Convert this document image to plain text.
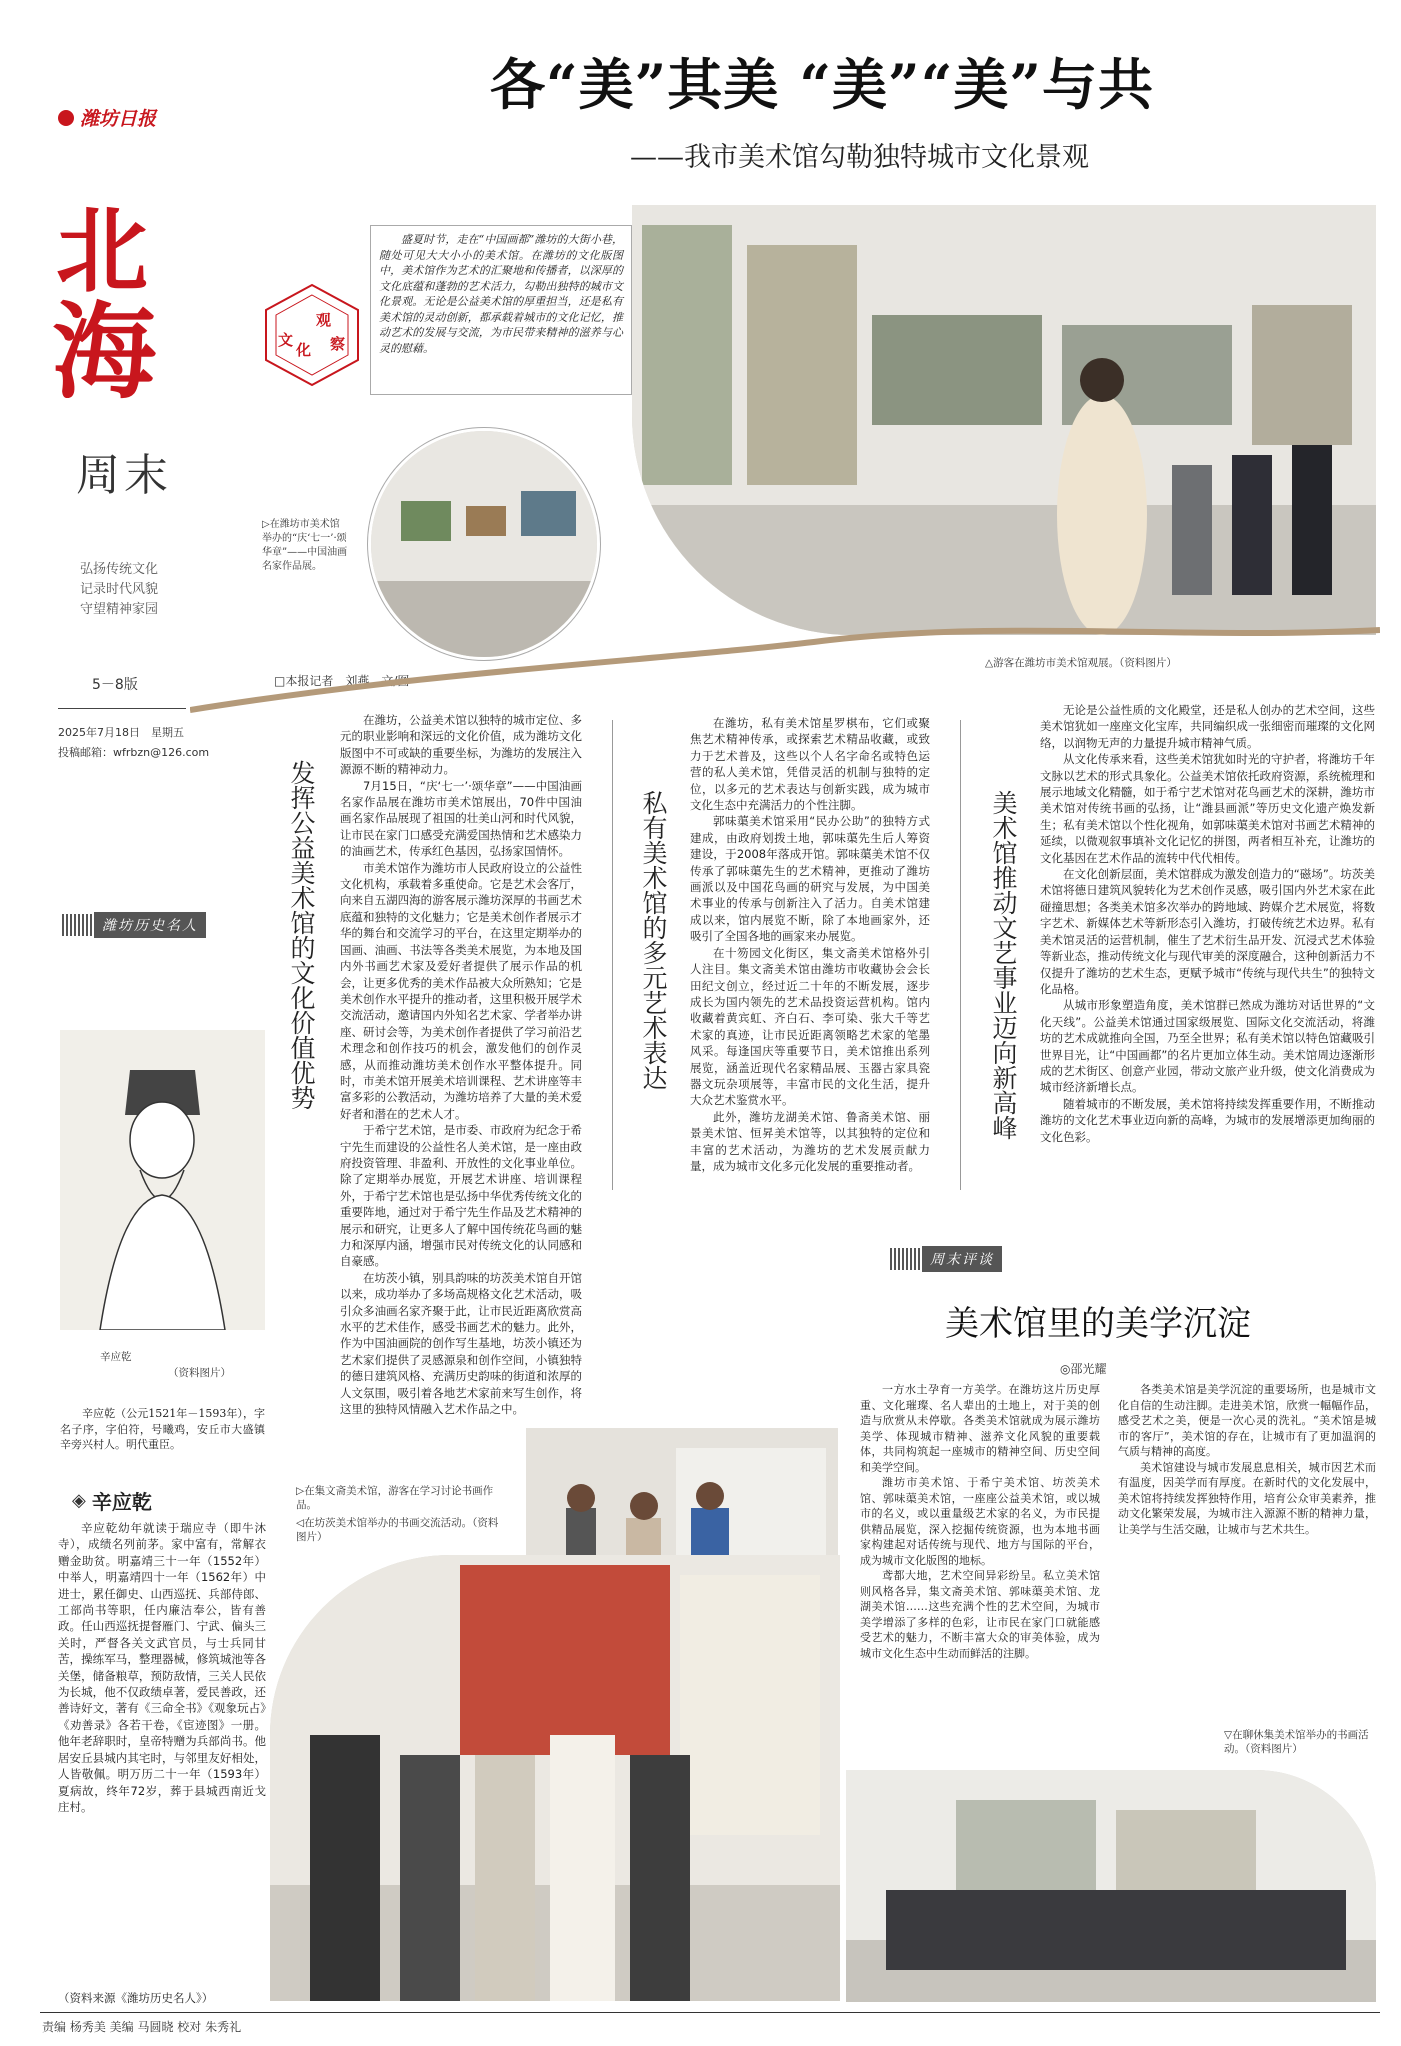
潍坊日报
北
海
周末
弘扬传统文化
记录时代风貌
守望精神家园
5－8版
2025年7月18日　星期五
投稿邮箱：wfrbzn@126.com
各“美”其美 “美”“美”与共
——我市美术馆勾勒独特城市文化景观
△游客在潍坊市美术馆观展。（资料图片）
盛夏时节，走在“中国画都”潍坊的大街小巷，随处可见大大小小的美术馆。在潍坊的文化版图中，美术馆作为艺术的汇聚地和传播者，以深厚的文化底蕴和蓬勃的艺术活力，勾勒出独特的城市文化景观。无论是公益美术馆的厚重担当，还是私有美术馆的灵动创新，都承载着城市的文化记忆，推动艺术的发展与交流，为市民带来精神的滋养与心灵的慰藉。
文
化
观
察
▷在潍坊市美术馆举办的“庆‘七一’·颂华章”——中国油画名家作品展。
□本报记者　刘燕　文/图
发挥公益美术馆的文化价值优势

在潍坊，公益美术馆以独特的城市定位、多元的职业影响和深远的文化价值，成为潍坊文化版图中不可或缺的重要坐标，为潍坊的发展注入源源不断的精神动力。

7月15日，“庆‘七一’·颂华章”——中国油画名家作品展在潍坊市美术馆展出，70件中国油画名家作品展现了祖国的壮美山河和时代风貌，让市民在家门口感受充满爱国热情和艺术感染力的油画艺术，传承红色基因，弘扬家国情怀。

市美术馆作为潍坊市人民政府设立的公益性文化机构，承载着多重使命。它是艺术会客厅，向来自五湖四海的游客展示潍坊深厚的书画艺术底蕴和独特的文化魅力；它是美术创作者展示才华的舞台和交流学习的平台，在这里定期举办的国画、油画、书法等各类美术展览，为本地及国内外书画艺术家及爱好者提供了展示作品的机会，让更多优秀的美术作品被大众所熟知；它是美术创作水平提升的推动者，这里积极开展学术交流活动，邀请国内外知名艺术家、学者举办讲座、研讨会等，为美术创作者提供了学习前沿艺术理念和创作技巧的机会，激发他们的创作灵感，从而推动潍坊美术创作水平整体提升。同时，市美术馆开展美术培训课程、艺术讲座等丰富多彩的公教活动，为潍坊培养了大量的美术爱好者和潜在的艺术人才。

于希宁艺术馆，是市委、市政府为纪念于希宁先生而建设的公益性名人美术馆，是一座由政府投资管理、非盈利、开放性的文化事业单位。除了定期举办展览，开展艺术讲座、培训课程外，于希宁艺术馆也是弘扬中华优秀传统文化的重要阵地，通过对于希宁先生作品及艺术精神的展示和研究，让更多人了解中国传统花鸟画的魅力和深厚内涵，增强市民对传统文化的认同感和自豪感。

在坊茨小镇，别具韵味的坊茨美术馆自开馆以来，成功举办了多场高规格文化艺术活动，吸引众多油画名家齐聚于此，让市民近距离欣赏高水平的艺术佳作，感受书画艺术的魅力。此外，作为中国油画院的创作写生基地，坊茨小镇还为艺术家们提供了灵感源泉和创作空间，小镇独特的德日建筑风格、充满历史韵味的街道和浓厚的人文氛围，吸引着各地艺术家前来写生创作，将这里的独特风情融入艺术作品之中。

私有美术馆的多元艺术表达

在潍坊，私有美术馆星罗棋布，它们或聚焦艺术精神传承，或探索艺术精品收藏，或致力于艺术普及，这些以个人名字命名或特色运营的私人美术馆，凭借灵活的机制与独特的定位，以多元的艺术表达与创新实践，成为城市文化生态中充满活力的个性注脚。

郭味蕖美术馆采用“民办公助”的独特方式建成，由政府划拨土地，郭味蕖先生后人筹资建设，于2008年落成开馆。郭味蕖美术馆不仅传承了郭味蕖先生的艺术精神，更推动了潍坊画派以及中国花鸟画的研究与发展，为中国美术事业的传承与创新注入了活力。自美术馆建成以来，馆内展览不断，除了本地画家外，还吸引了全国各地的画家来办展览。

在十笏园文化街区，集文斋美术馆格外引人注目。集文斋美术馆由潍坊市收藏协会会长田纪文创立，经过近二十年的不断发展，逐步成长为国内领先的艺术品投资运营机构。馆内收藏着黄宾虹、齐白石、李可染、张大千等艺术家的真迹，让市民近距离领略艺术家的笔墨风采。每逢国庆等重要节日，美术馆推出系列展览，涵盖近现代名家精品展、玉器古家具瓷器文玩杂项展等，丰富市民的文化生活，提升大众艺术鉴赏水平。

此外，潍坊龙湖美术馆、鲁斋美术馆、丽景美术馆、恒昇美术馆等，以其独特的定位和丰富的艺术活动，为潍坊的艺术发展贡献力量，成为城市文化多元化发展的重要推动者。

美术馆推动文艺事业迈向新高峰

无论是公益性质的文化殿堂，还是私人创办的艺术空间，这些美术馆犹如一座座文化宝库，共同编织成一张细密而璀璨的文化网络，以润物无声的力量提升城市精神气质。

从文化传承来看，这些美术馆犹如时光的守护者，将潍坊千年文脉以艺术的形式具象化。公益美术馆依托政府资源，系统梳理和展示地域文化精髓，如于希宁艺术馆对花鸟画艺术的深耕，潍坊市美术馆对传统书画的弘扬，让“潍县画派”等历史文化遗产焕发新生；私有美术馆以个性化视角，如郭味蕖美术馆对书画艺术精神的延续，以微观叙事填补文化记忆的拼图，两者相互补充，让潍坊的文化基因在艺术作品的流转中代代相传。

在文化创新层面，美术馆群成为激发创造力的“磁场”。坊茨美术馆将德日建筑风貌转化为艺术创作灵感，吸引国内外艺术家在此碰撞思想；各类美术馆多次举办的跨地域、跨媒介艺术展览，将数字艺术、新媒体艺术等新形态引入潍坊，打破传统艺术边界。私有美术馆灵活的运营机制，催生了艺术衍生品开发、沉浸式艺术体验等新业态，推动传统文化与现代审美的深度融合，这种创新活力不仅提升了潍坊的艺术生态，更赋予城市“传统与现代共生”的独特文化品格。

从城市形象塑造角度，美术馆群已然成为潍坊对话世界的“文化天线”。公益美术馆通过国家级展览、国际文化交流活动，将潍坊的艺术成就推向全国，乃至全世界；私有美术馆以特色馆藏吸引世界目光，让“中国画都”的名片更加立体生动。美术馆周边逐渐形成的艺术街区、创意产业园，带动文旅产业升级，使文化消费成为城市经济新增长点。

随着城市的不断发展，美术馆将持续发挥重要作用，不断推动潍坊的文化艺术事业迈向新的高峰，为城市的发展增添更加绚丽的文化色彩。

潍坊历史名人
辛应乾
（资料图片）
辛应乾（公元1521年－1593年），字名子序，字伯符，号曦鸡，安丘市大盛镇辛旁兴村人。明代重臣。
◈ 辛应乾
辛应乾幼年就读于瑞应寺（即牛沐寺），成绩名列前茅。家中富有，常解衣赠金助贫。明嘉靖三十一年（1552年）中举人，明嘉靖四十一年（1562年）中进士，累任御史、山西巡抚、兵部侍郎、工部尚书等职，任内廉洁奉公，皆有善政。任山西巡抚提督雁门、宁武、偏头三关时，严督各关文武官员，与士兵同甘苦，操练军马，整理器械，修筑城池等各关堡，储备粮草，预防敌情，三关人民依为长城，他不仅政绩卓著，爱民善政，还善诗好文，著有《三命全书》《观象玩占》《劝善录》各若干卷，《宦迹图》一册。他年老辞职时，皇帝特赠为兵部尚书。他居安丘县城内其宅时，与邻里友好相处，人皆敬佩。明万历二十一年（1593年）夏病故，终年72岁，葬于县城西南近戈庄村。
（资料来源《潍坊历史名人》）
责编 杨秀美 美编 马圆晓 校对 朱秀礼
▷在集文斋美术馆，游客在学习讨论书画作品。
◁在坊茨美术馆举办的书画交流活动。（资料图片）
周末评谈
美术馆里的美学沉淀
◎邵光耀

一方水土孕育一方美学。在潍坊这片历史厚重、文化璀璨、名人辈出的土地上，对于美的创造与欣赏从未停歇。各类美术馆就成为展示潍坊美学、体现城市精神、滋养文化风貌的重要载体，共同构筑起一座城市的精神空间、历史空间和美学空间。

潍坊市美术馆、于希宁美术馆、坊茨美术馆、郭味蕖美术馆，一座座公益美术馆，或以城市的名义，或以重量级艺术家的名义，为市民提供精品展览，深入挖掘传统资源，也为本地书画家构建起对话传统与现代、地方与国际的平台，成为城市文化版图的地标。

鸢都大地，艺术空间异彩纷呈。私立美术馆则风格各异，集文斋美术馆、郭味蕖美术馆、龙湖美术馆……这些充满个性的艺术空间，为城市美学增添了多样的色彩，让市民在家门口就能感受艺术的魅力，不断丰富大众的审美体验，成为城市文化生态中生动而鲜活的注脚。

各类美术馆是美学沉淀的重要场所，也是城市文化自信的生动注脚。走进美术馆，欣赏一幅幅作品，感受艺术之美，便是一次心灵的洗礼。“美术馆是城市的客厅”，美术馆的存在，让城市有了更加温润的气质与精神的高度。

美术馆建设与城市发展息息相关，城市因艺术而有温度，因美学而有厚度。在新时代的文化发展中，美术馆将持续发挥独特作用，培育公众审美素养，推动文化繁荣发展，为城市注入源源不断的精神力量，让美学与生活交融，让城市与艺术共生。

▽在聊休集美术馆举办的书画活动。（资料图片）
